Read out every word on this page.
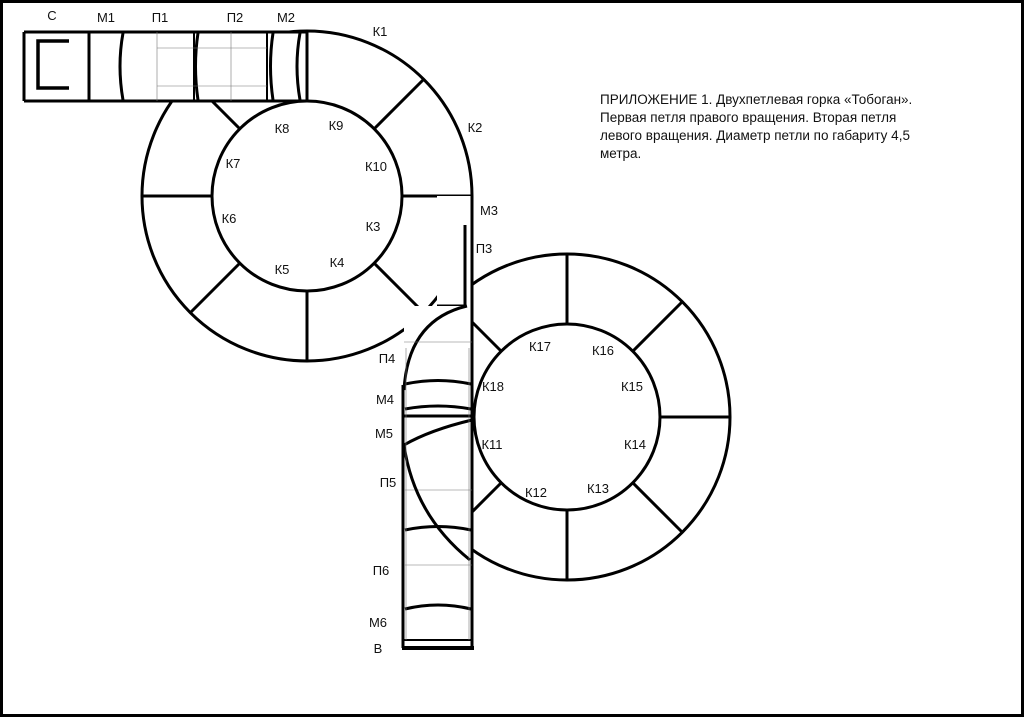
С	М1	П1	П2	М2
К1
К2
К3
К4
К5
К6
К7
К8	К9
К10
М3
П3
П4
М4
М5
П5
П6
М6
В
К11
К12	К13
К14
К15
К16
К17
К18
ПРИЛОЖЕНИЕ 1. Двухпетлевая горка «Тобоган».
Первая петля правого вращения. Вторая петля
левого вращения. Диаметр петли по габариту 4,5
метра.
